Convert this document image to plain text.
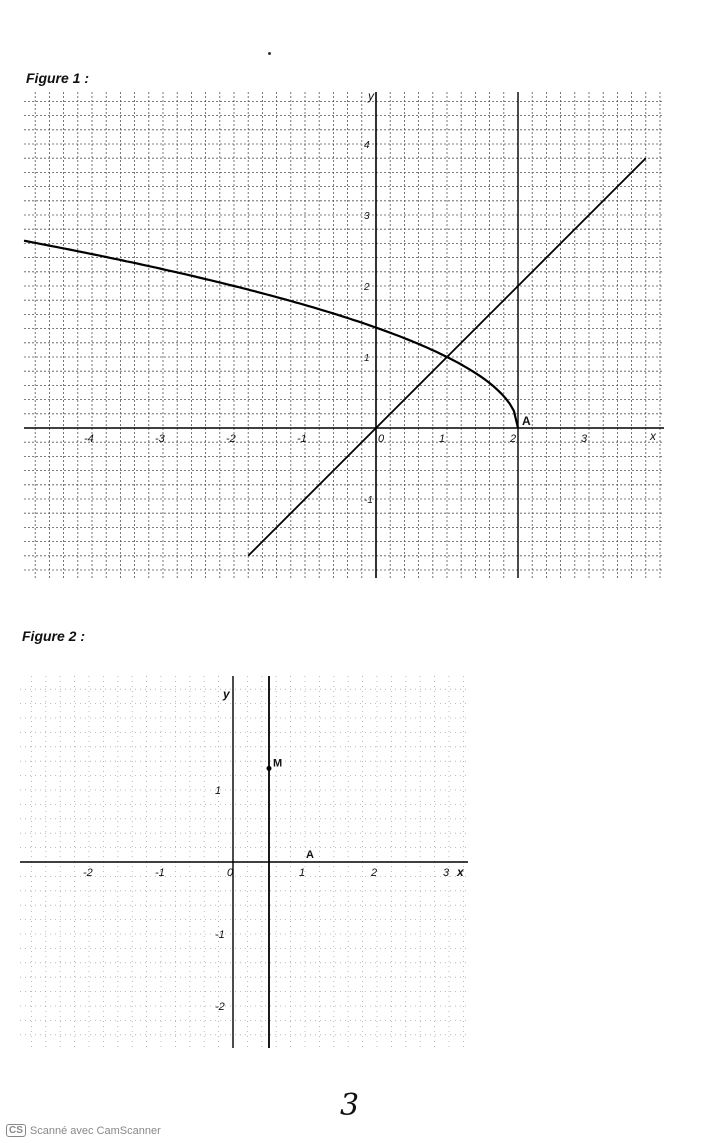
Figure 1 :
-4	-3	-2	-1	0	1	2	3
4
3
2
1
-1
x
y
A
Figure 2 :
-2	-1	0	1	2	3
1
-1
-2
x
y
A
M
3
CS Scanné avec CamScanner
